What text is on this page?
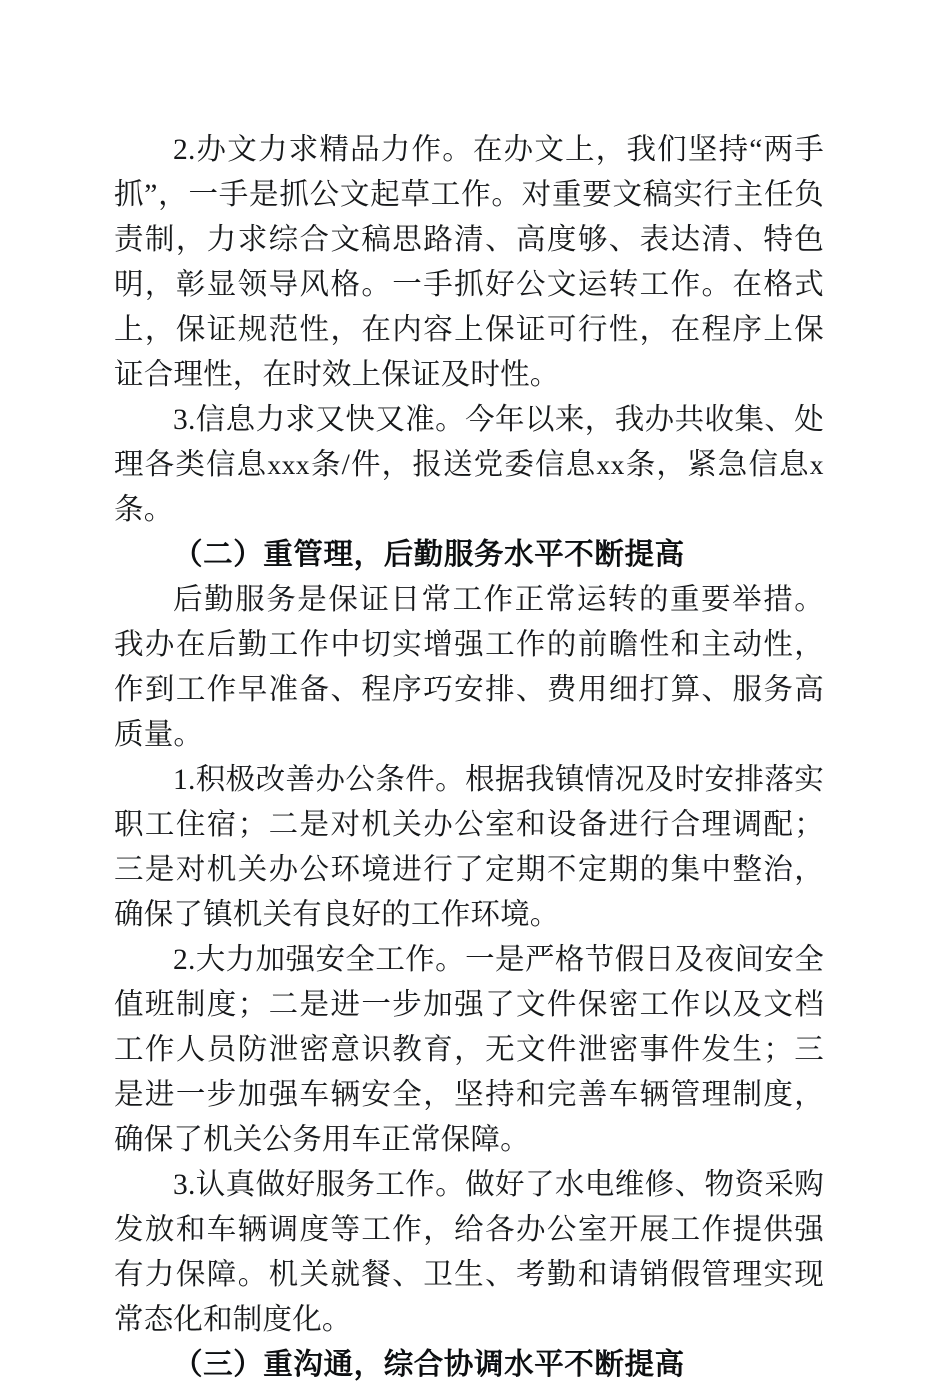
2.办文力求精品力作。在办文上，我们坚持“两手抓”，一手是抓公文起草工作。对重要文稿实行主任负责制，力求综合文稿思路清、高度够、表达清、特色明，彰显领导风格。一手抓好公文运转工作。在格式上，保证规范性，在内容上保证可行性，在程序上保证合理性，在时效上保证及时性。

3.信息力求又快又准。今年以来，我办共收集、处理各类信息xxx条/件，报送党委信息xx条，紧急信息x条。

（二）重管理，后勤服务水平不断提高

后勤服务是保证日常工作正常运转的重要举措。我办在后勤工作中切实增强工作的前瞻性和主动性，作到工作早准备、程序巧安排、费用细打算、服务高质量。

1.积极改善办公条件。根据我镇情况及时安排落实职工住宿；二是对机关办公室和设备进行合理调配；三是对机关办公环境进行了定期不定期的集中整治，确保了镇机关有良好的工作环境。

2.大力加强安全工作。一是严格节假日及夜间安全值班制度；二是进一步加强了文件保密工作以及文档工作人员防泄密意识教育，无文件泄密事件发生；三是进一步加强车辆安全，坚持和完善车辆管理制度，确保了机关公务用车正常保障。

3.认真做好服务工作。做好了水电维修、物资采购发放和车辆调度等工作，给各办公室开展工作提供强有力保障。机关就餐、卫生、考勤和请销假管理实现常态化和制度化。

（三）重沟通，综合协调水平不断提高
